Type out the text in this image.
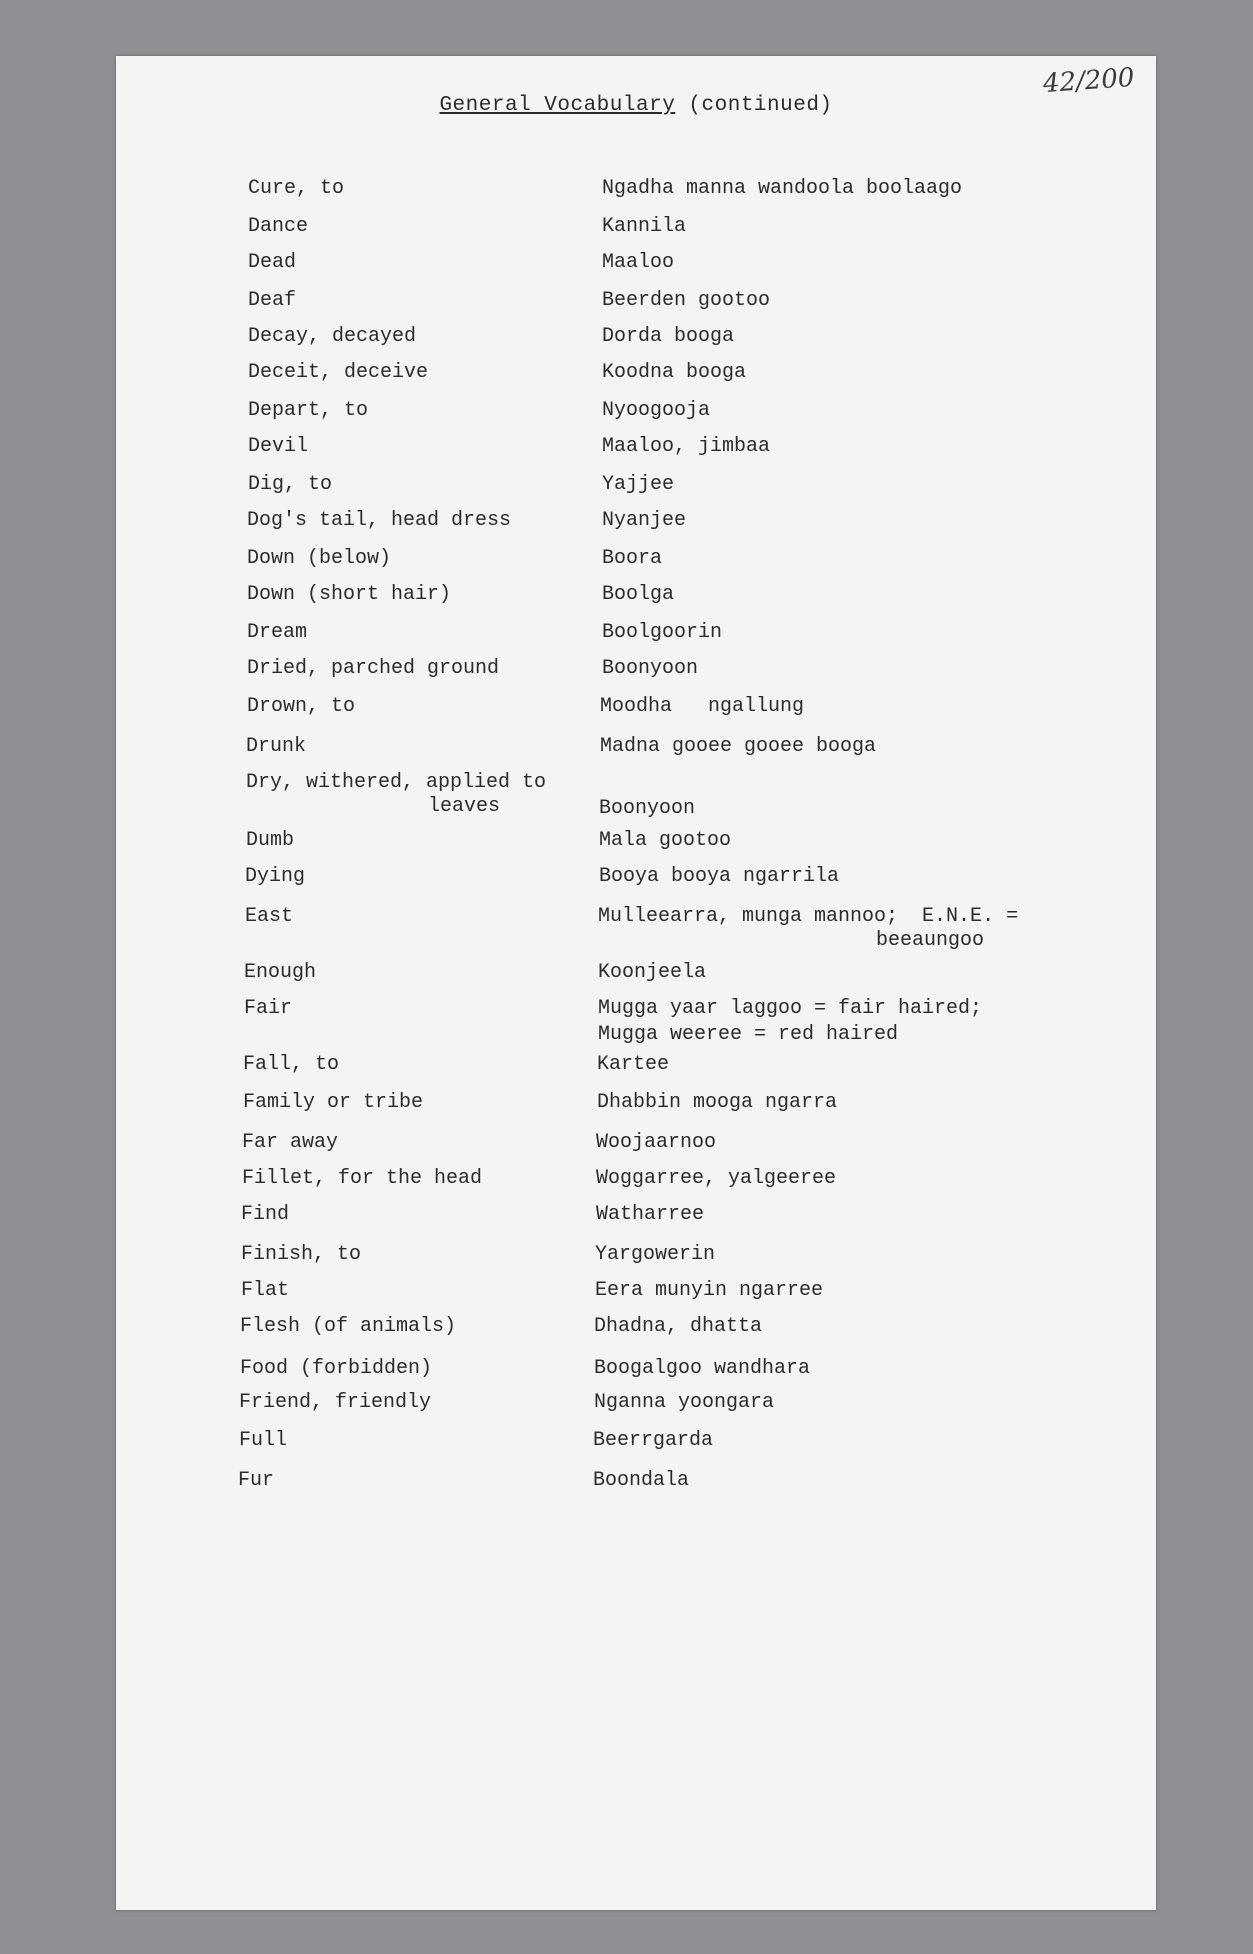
42/200
General Vocabulary (continued)
Cure, to	Ngadha manna wandoola boolaago
Dance	Kannila
Dead	Maaloo
Deaf	Beerden gootoo
Decay, decayed	Dorda booga
Deceit, deceive	Koodna booga
Depart, to	Nyoogooja
Devil	Maaloo, jimbaa
Dig, to	Yajjee
Dog's tail, head dress	Nyanjee
Down (below)	Boora
Down (short hair)	Boolga
Dream	Boolgoorin
Dried, parched ground	Boonyoon
Drown, to	Moodha   ngallung
Drunk	Madna gooee gooee booga
Dry, withered, applied to
leaves	Boonyoon
Dumb	Mala gootoo
Dying	Booya booya ngarrila
East	Mulleearra, munga mannoo;  E.N.E. =
beeaungoo
Enough	Koonjeela
Fair	Mugga yaar laggoo = fair haired;
Mugga weeree = red haired
Fall, to	Kartee
Family or tribe	Dhabbin mooga ngarra
Far away	Woojaarnoo
Fillet, for the head	Woggarree, yalgeeree
Find	Watharree
Finish, to	Yargowerin
Flat	Eera munyin ngarree
Flesh (of animals)	Dhadna, dhatta
Food (forbidden)	Boogalgoo wandhara
Friend, friendly	Nganna yoongara
Full	Beerrgarda
Fur	Boondala
